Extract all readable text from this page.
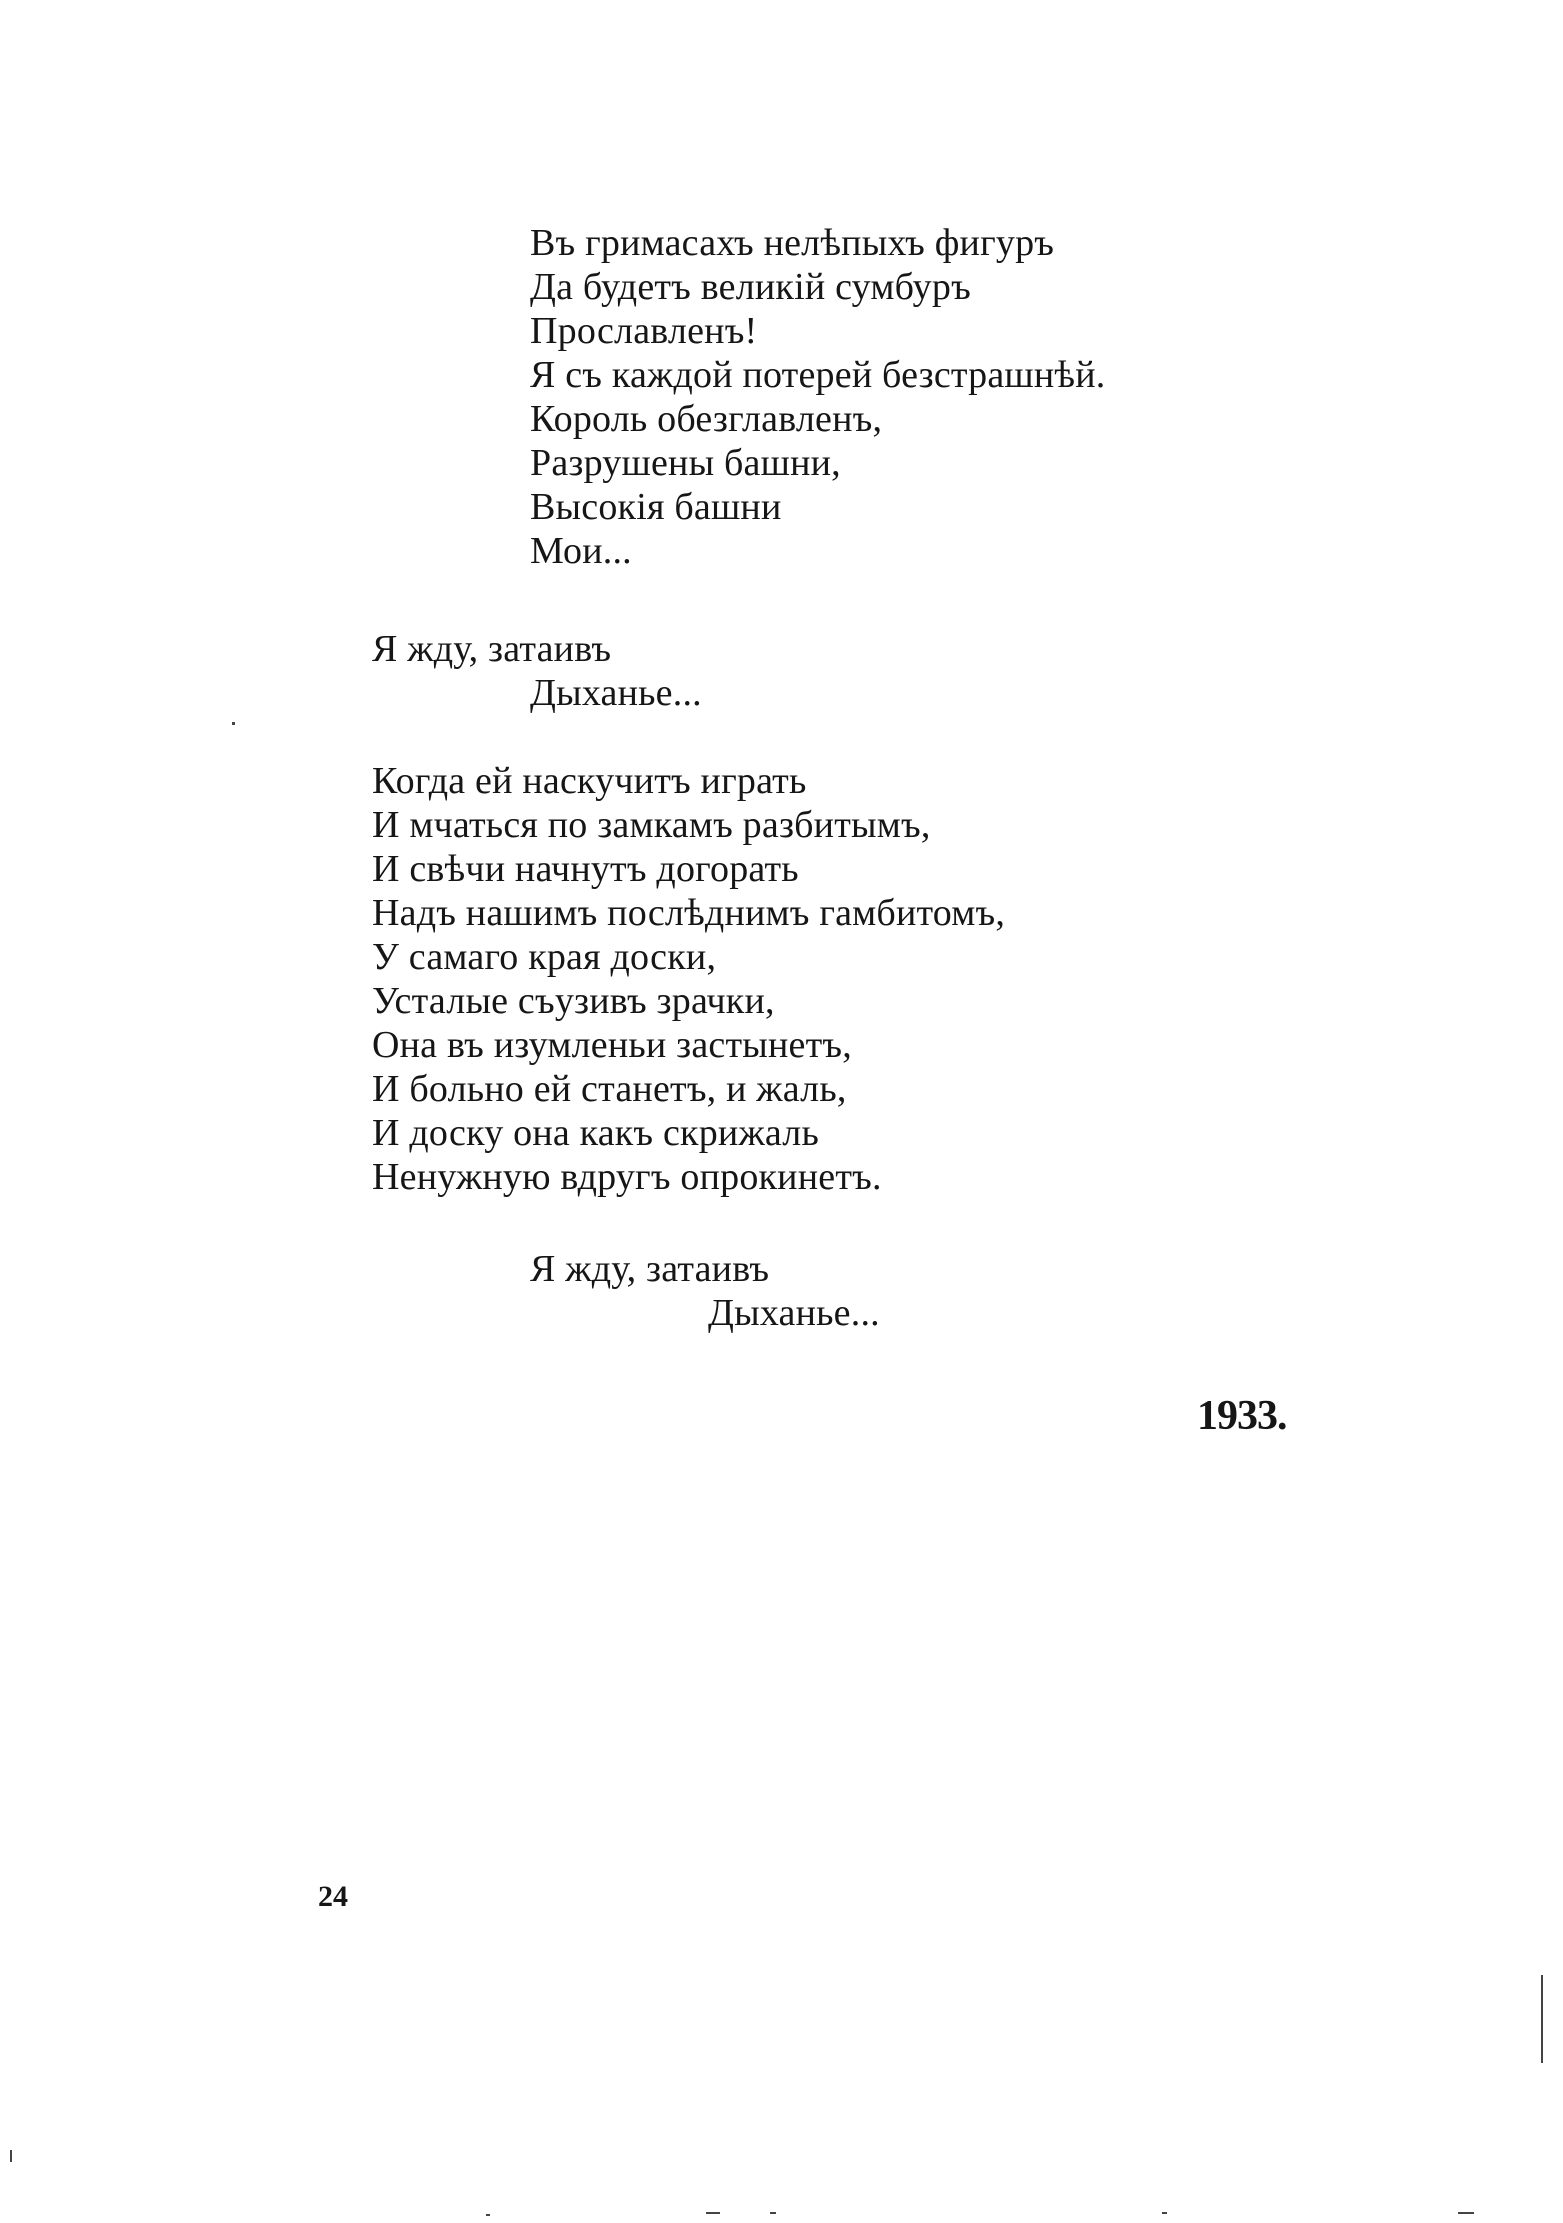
Въ гримасахъ нелѣпыхъ фигуръ
Да будетъ великій сумбуръ
Прославленъ!
Я съ каждой потерей безстрашнѣй.
Король обезглавленъ,
Разрушены башни,
Высокія башни
Мои...
Я жду, затаивъ
Дыханье...
Когда ей наскучитъ играть
И мчаться по замкамъ разбитымъ,
И свѣчи начнутъ догорать
Надъ нашимъ послѣднимъ гамбитомъ,
У самаго края доски,
Усталые съузивъ зрачки,
Она въ изумленьи застынетъ,
И больно ей станетъ, и жаль,
И доску она какъ скрижаль
Ненужную вдругъ опрокинетъ.
Я жду, затаивъ
Дыханье...
1933.
24
